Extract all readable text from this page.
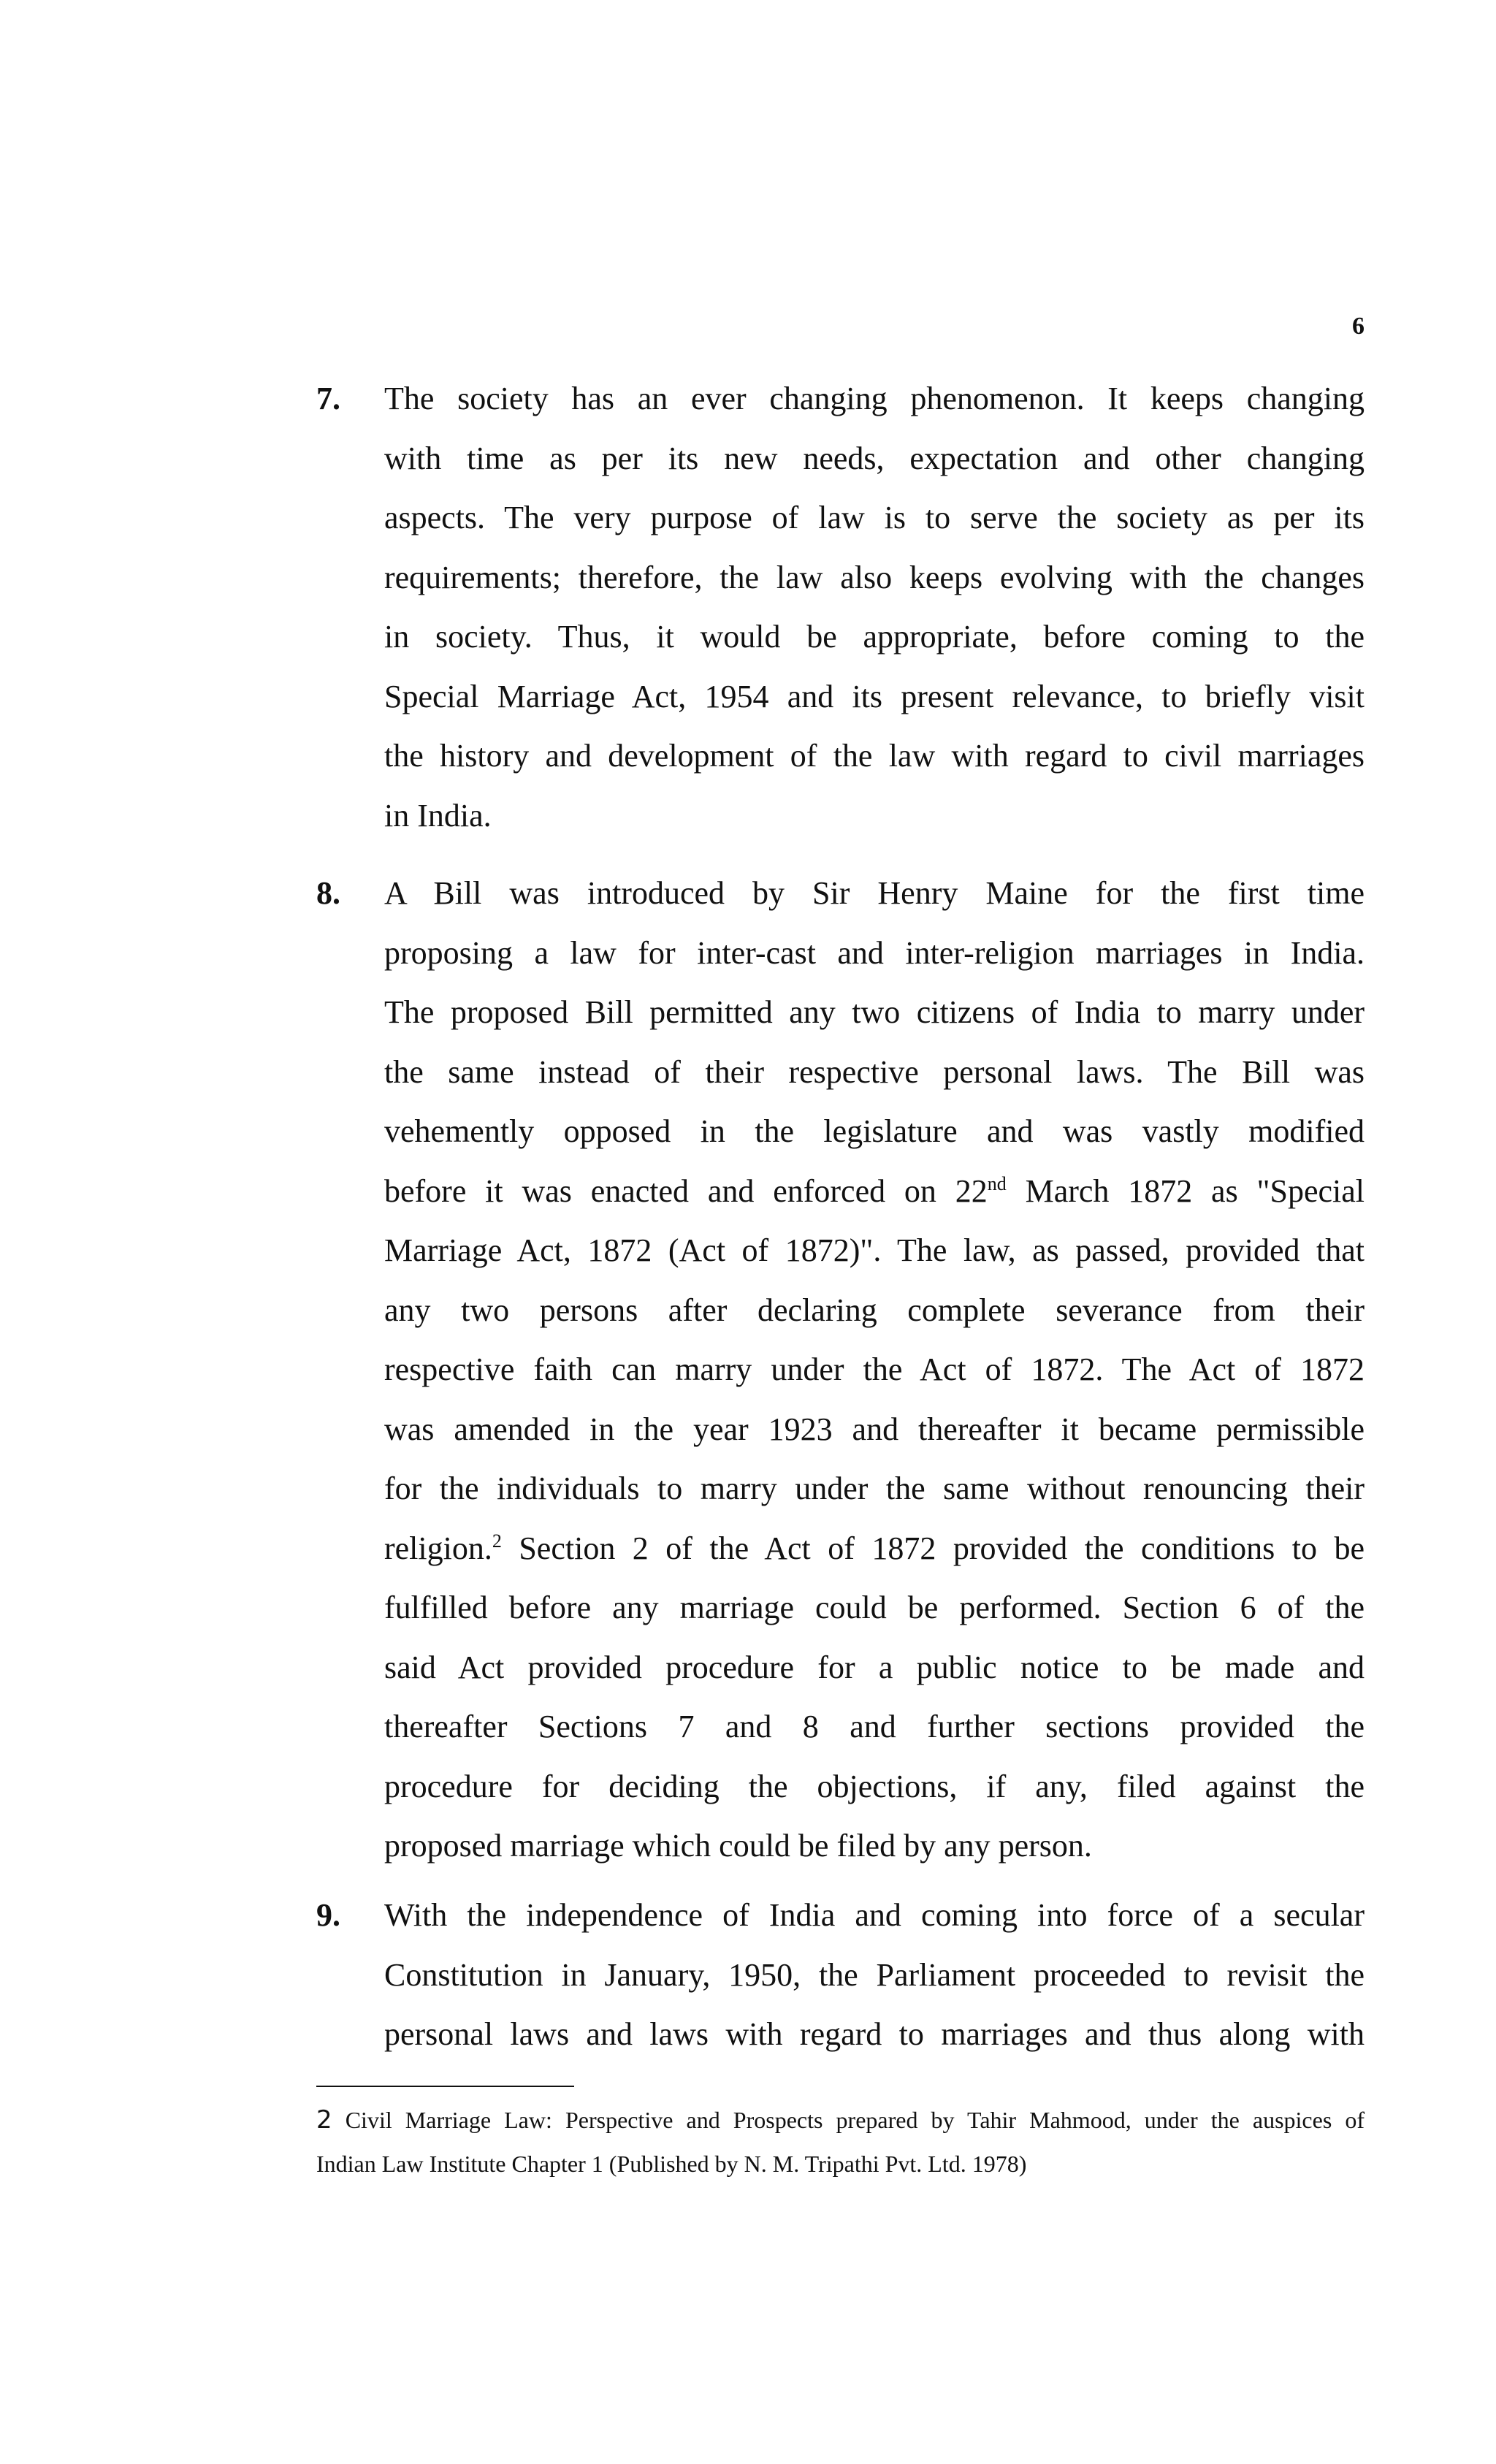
6
7. The society has an ever changing phenomenon. It keeps changing
with time as per its new needs, expectation and other changing
aspects. The very purpose of law is to serve the society as per its
requirements; therefore, the law also keeps evolving with the changes
in society. Thus, it would be appropriate, before coming to the
Special Marriage Act, 1954 and its present relevance, to briefly visit
the history and development of the law with regard to civil marriages
in India.
8. A Bill was introduced by Sir Henry Maine for the first time
proposing a law for inter-cast and inter-religion marriages in India.
The proposed Bill permitted any two citizens of India to marry under
the same instead of their respective personal laws. The Bill was
vehemently opposed in the legislature and was vastly modified
before it was enacted and enforced on 22nd March 1872 as "Special
Marriage Act, 1872 (Act of 1872)". The law, as passed, provided that
any two persons after declaring complete severance from their
respective faith can marry under the Act of 1872. The Act of 1872
was amended in the year 1923 and thereafter it became permissible
for the individuals to marry under the same without renouncing their
religion.$^2$ Section 2 of the Act of 1872 provided the conditions to be
fulfilled before any marriage could be performed. Section 6 of the
said Act provided procedure for a public notice to be made and
thereafter Sections 7 and 8 and further sections provided the
procedure for deciding the objections, if any, filed against the
proposed marriage which could be filed by any person.
9. With the independence of India and coming into force of a secular
Constitution in January, 1950, the Parliament proceeded to revisit the
personal laws and laws with regard to marriages and thus along with
2 Civil Marriage Law: Perspective and Prospects prepared by Tahir Mahmood, under the auspices of
Indian Law Institute Chapter 1 (Published by N. M. Tripathi Pvt. Ltd. 1978)
